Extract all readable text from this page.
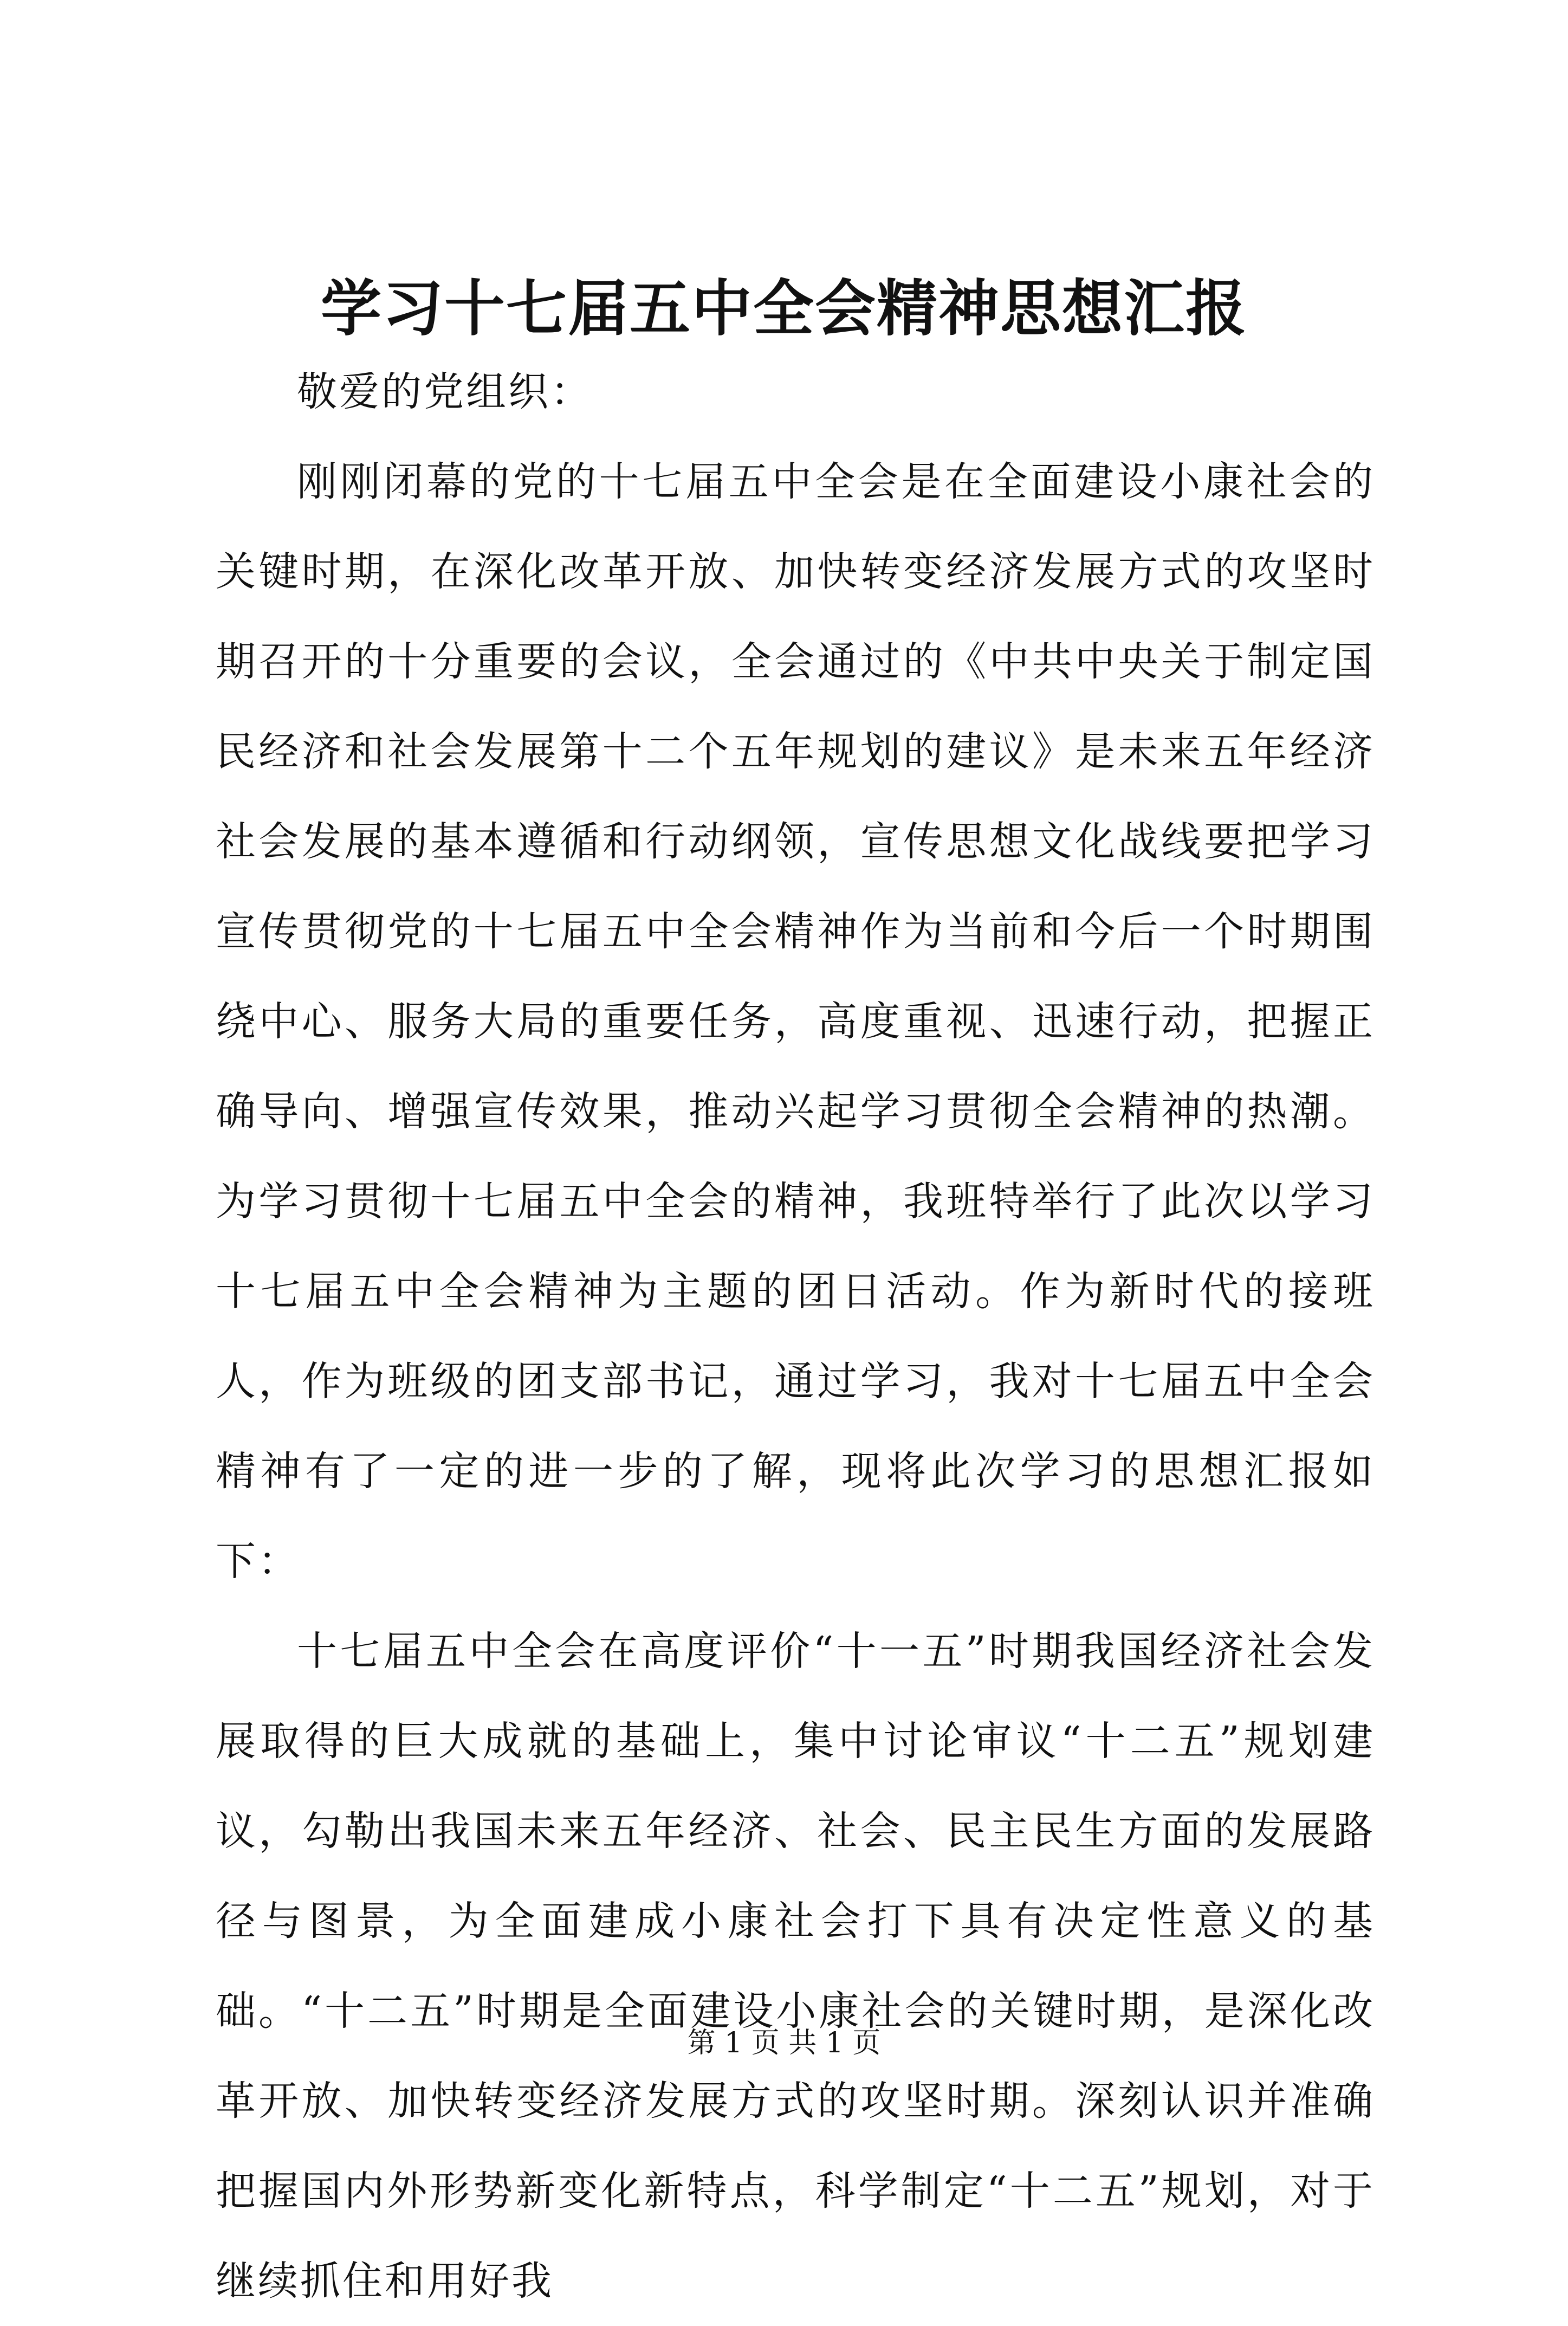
学习十七届五中全会精神思想汇报

敬爱的党组织：

刚刚闭幕的党的十七届五中全会是在全面建设小康社会的关键时期，在深化改革开放、加快转变经济发展方式的攻坚时期召开的十分重要的会议，全会通过的《中共中央关于制定国民经济和社会发展第十二个五年规划的建议》是未来五年经济社会发展的基本遵循和行动纲领，宣传思想文化战线要把学习宣传贯彻党的十七届五中全会精神作为当前和今后一个时期围绕中心、服务大局的重要任务，高度重视、迅速行动，把握正确导向、增强宣传效果，推动兴起学习贯彻全会精神的热潮。为学习贯彻十七届五中全会的精神，我班特举行了此次以学习十七届五中全会精神为主题的团日活动。作为新时代的接班人，作为班级的团支部书记，通过学习，我对十七届五中全会精神有了一定的进一步的了解，现将此次学习的思想汇报如下：

十七届五中全会在高度评价“十一五”时期我国经济社会发展取得的巨大成就的基础上，集中讨论审议“十二五”规划建议，勾勒出我国未来五年经济、社会、民主民生方面的发展路径与图景，为全面建成小康社会打下具有决定性意义的基础。“十二五”时期是全面建设小康社会的关键时期，是深化改革开放、加快转变经济发展方式的攻坚时期。深刻认识并准确把握国内外形势新变化新特点，科学制定“十二五”规划，对于继续抓住和用好我

第 1 页 共 1 页
